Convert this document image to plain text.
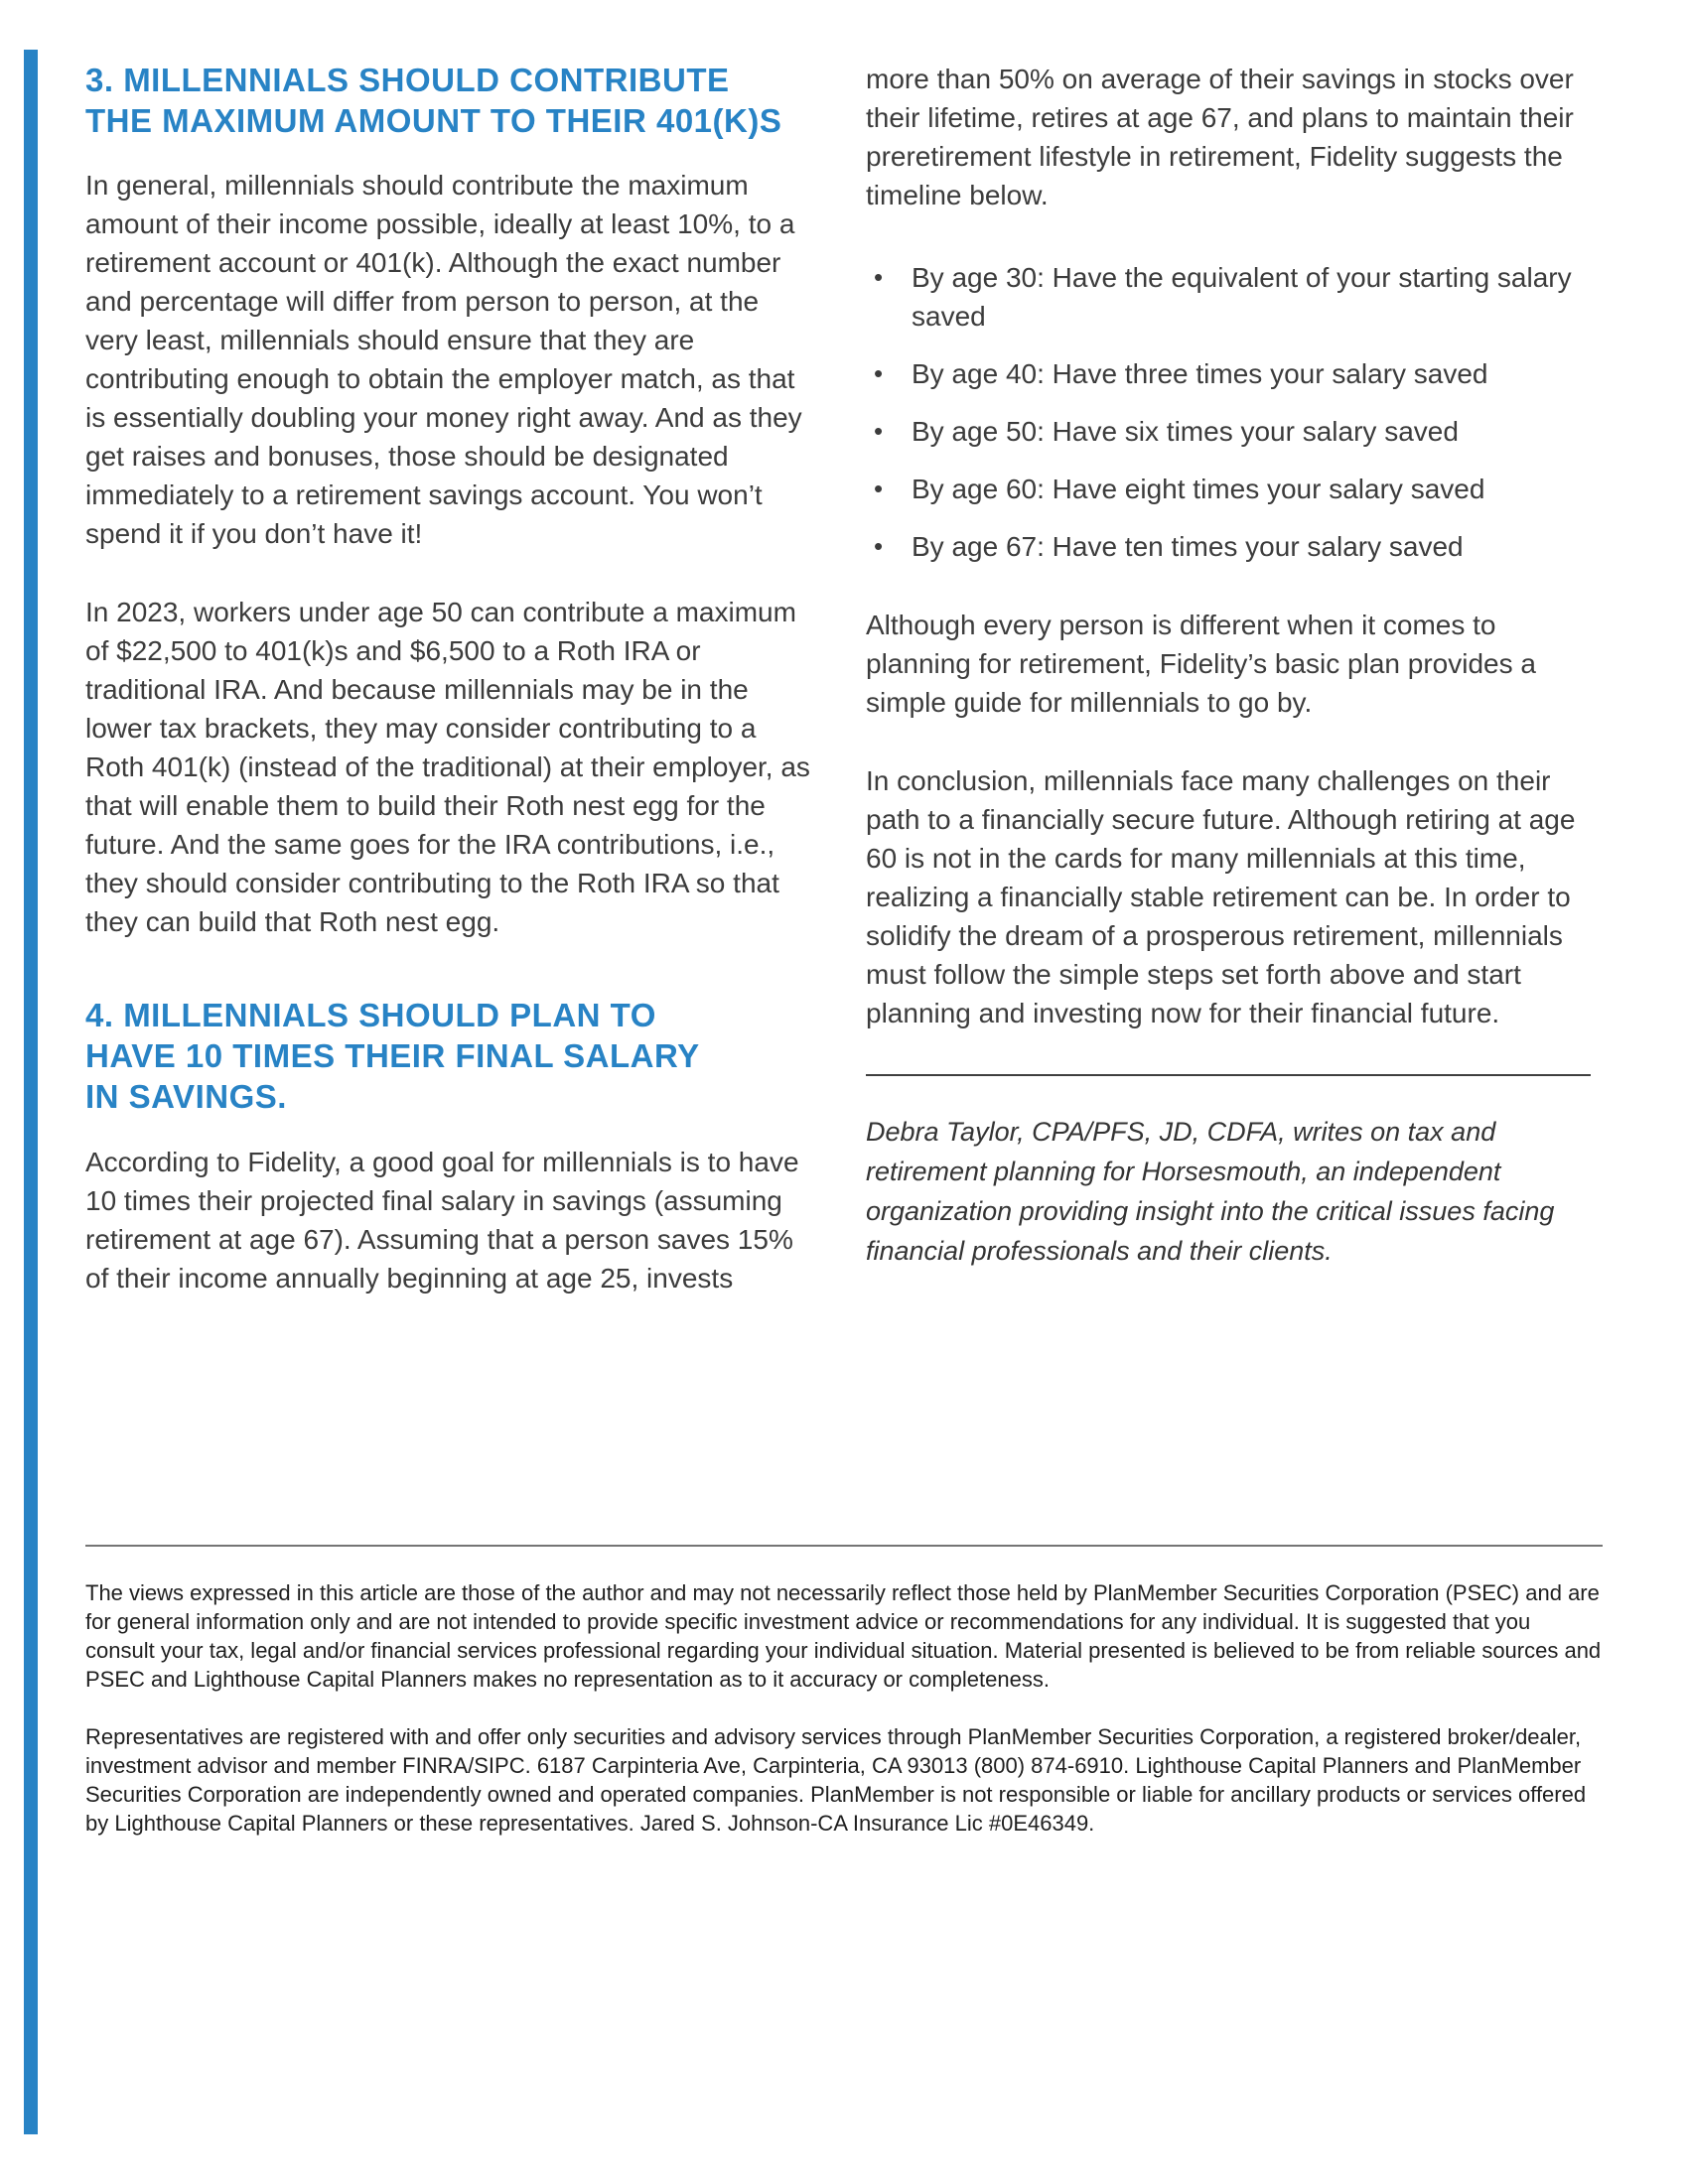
3. MILLENNIALS SHOULD CONTRIBUTE
THE MAXIMUM AMOUNT TO THEIR 401(K)S

In general, millennials should contribute the maximum amount of their income possible, ideally at least 10%, to a retirement account or 401(k). Although the exact number and percentage will differ from person to person, at the very least, millennials should ensure that they are contributing enough to obtain the employer match, as that is essentially doubling your money right away. And as they get raises and bonuses, those should be designated immediately to a retirement savings account. You won’t spend it if you don’t have it!

In 2023, workers under age 50 can contribute a maximum of $22,500 to 401(k)s and $6,500 to a Roth IRA or traditional IRA. And because millennials may be in the lower tax brackets, they may consider contributing to a Roth 401(k) (instead of the traditional) at their employer, as that will enable them to build their Roth nest egg for the future. And the same goes for the IRA contributions, i.e., they should consider contributing to the Roth IRA so that they can build that Roth nest egg.

4. MILLENNIALS SHOULD PLAN TO
HAVE 10 TIMES THEIR FINAL SALARY
IN SAVINGS.

According to Fidelity, a good goal for millennials is to have 10 times their projected final salary in savings (assuming retirement at age 67). Assuming that a person saves 15% of their income annually beginning at age 25, invests

more than 50% on average of their savings in stocks over their lifetime, retires at age 67, and plans to maintain their preretirement lifestyle in retirement, Fidelity suggests the timeline below.

• By age 30: Have the equivalent of your starting salary saved
• By age 40: Have three times your salary saved
• By age 50: Have six times your salary saved
• By age 60: Have eight times your salary saved
• By age 67: Have ten times your salary saved

Although every person is different when it comes to planning for retirement, Fidelity’s basic plan provides a simple guide for millennials to go by.

In conclusion, millennials face many challenges on their path to a financially secure future. Although retiring at age 60 is not in the cards for many millennials at this time, realizing a financially stable retirement can be. In order to solidify the dream of a prosperous retirement, millennials must follow the simple steps set forth above and start planning and investing now for their financial future.

Debra Taylor, CPA/PFS, JD, CDFA, writes on tax and retirement planning for Horsesmouth, an independent organization providing insight into the critical issues facing financial professionals and their clients.

The views expressed in this article are those of the author and may not necessarily reflect those held by PlanMember Securities Corporation (PSEC) and are for general information only and are not intended to provide specific investment advice or recommendations for any individual. It is suggested that you consult your tax, legal and/or financial services professional regarding your individual situation. Material presented is believed to be from reliable sources and PSEC and Lighthouse Capital Planners makes no representation as to it accuracy or completeness.

Representatives are registered with and offer only securities and advisory services through PlanMember Securities Corporation, a registered broker/dealer, investment advisor and member FINRA/SIPC. 6187 Carpinteria Ave, Carpinteria, CA 93013 (800) 874-6910. Lighthouse Capital Planners and PlanMember Securities Corporation are independently owned and operated companies. PlanMember is not responsible or liable for ancillary products or services offered by Lighthouse Capital Planners or these representatives. Jared S. Johnson-CA Insurance Lic #0E46349.
